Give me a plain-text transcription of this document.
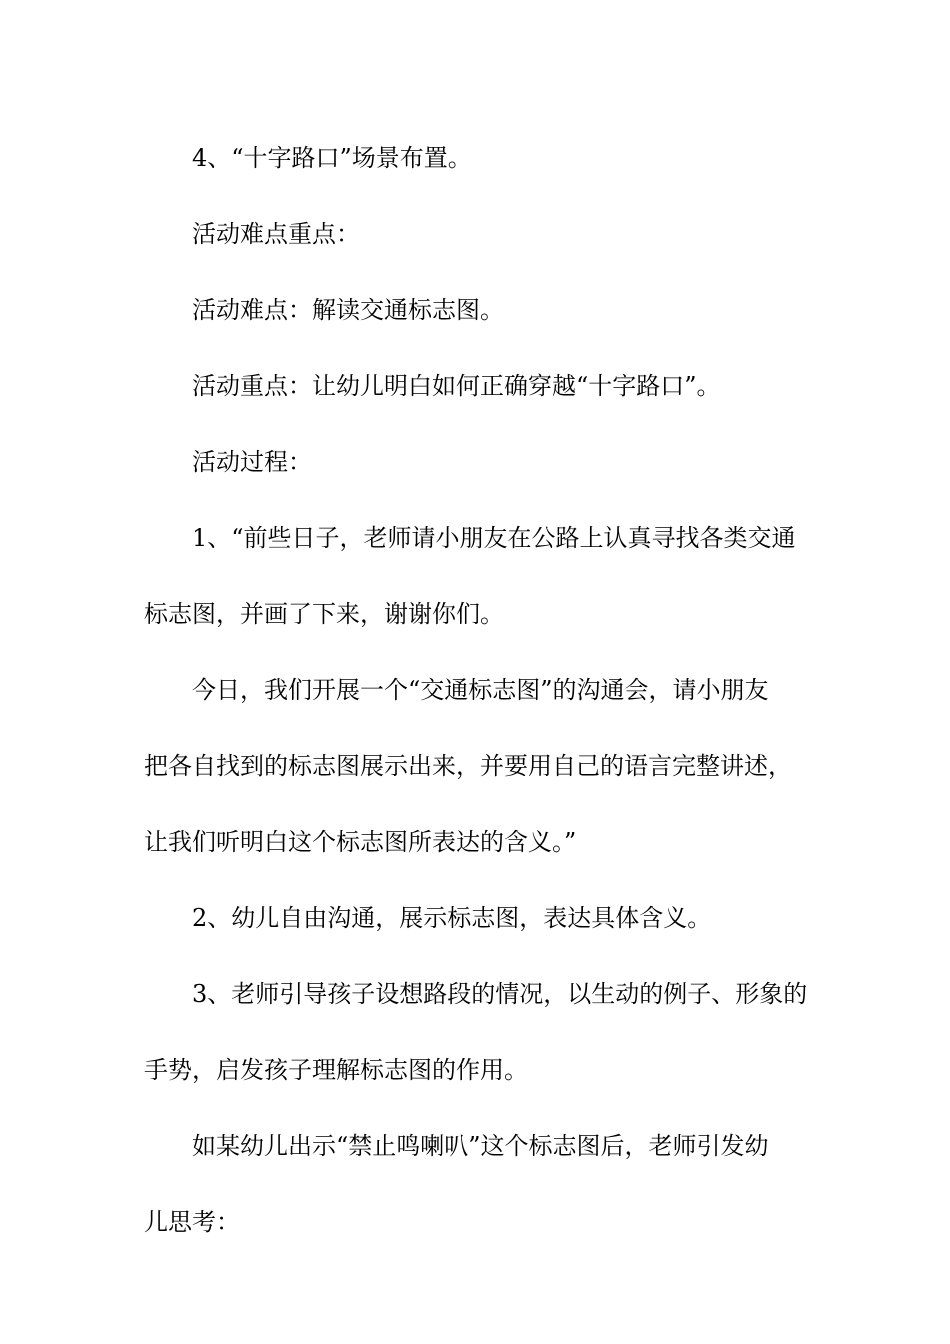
4、“十字路口”场景布置。

活动难点重点：

活动难点：解读交通标志图。

活动重点：让幼儿明白如何正确穿越“十字路口”。

活动过程：

1、“前些日子，老师请小朋友在公路上认真寻找各类交通
标志图，并画了下来，谢谢你们。

今日，我们开展一个“交通标志图”的沟通会，请小朋友
把各自找到的标志图展示出来，并要用自己的语言完整讲述，
让我们听明白这个标志图所表达的含义。”

2、幼儿自由沟通，展示标志图，表达具体含义。

3、老师引导孩子设想路段的情况，以生动的例子、形象的
手势，启发孩子理解标志图的作用。

如某幼儿出示“禁止鸣喇叭”这个标志图后，老师引发幼
儿思考：
